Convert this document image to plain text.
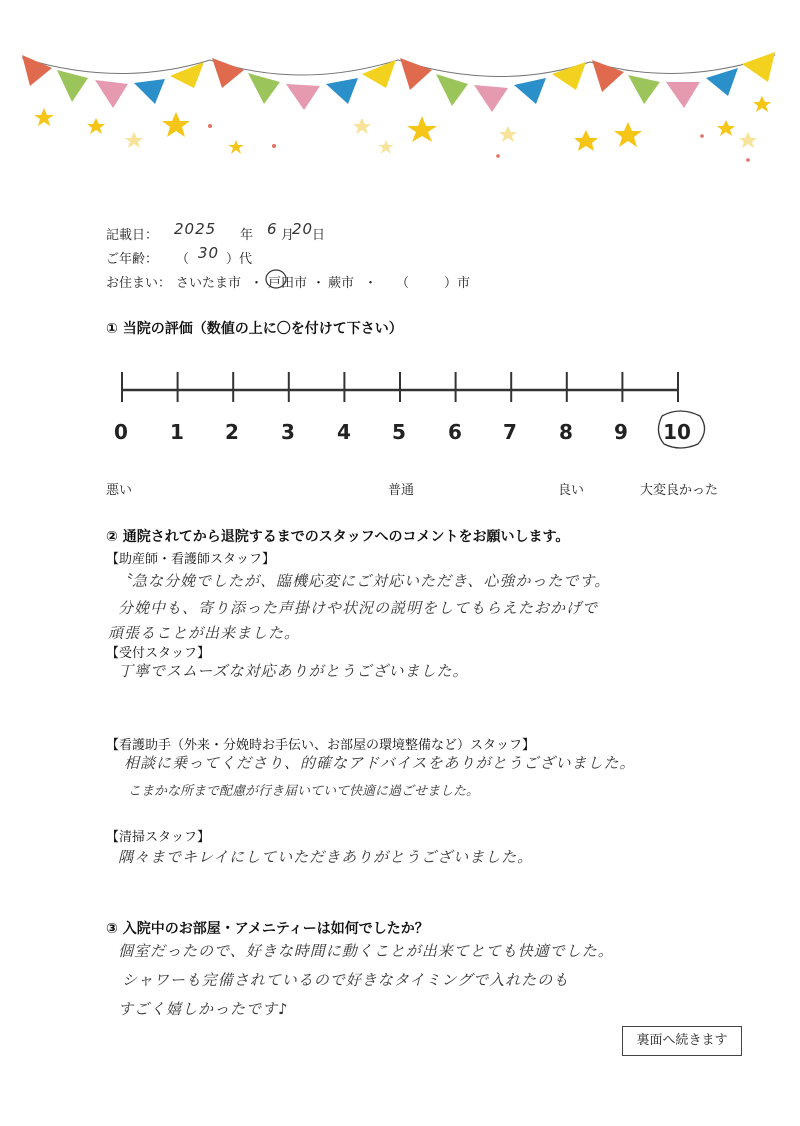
記載日： 2025 年 6 月
20
日
ご年齢： （ 30 ）代
お住まい： さいたま市 ・ 戸田市 ・ 蕨市 ・ （	）市
① 当院の評価（数値の上に〇を付けて下さい）
0	1	2	3	4	5	6	7	8	9	10
悪い	普通	良い	大変良かった
② 通院されてから退院するまでのスタッフへのコメントをお願いします。
【助産師・看護師スタッフ】
〝急な分娩でしたが、臨機応変にご対応いただき、心強かったです。
分娩中も、寄り添った声掛けや状況の説明をしてもらえたおかげで
頑張ることが出来ました。
【受付スタッフ】
丁寧でスムーズな対応ありがとうございました。
【看護助手（外来・分娩時お手伝い、お部屋の環境整備など）スタッフ】
相談に乗ってくださり、的確なアドバイスをありがとうございました。
こまかな所まで配慮が行き届いていて快適に過ごせました。
【清掃スタッフ】
隅々までキレイにしていただきありがとうございました。
③ 入院中のお部屋・アメニティーは如何でしたか？
個室だったので、好きな時間に動くことが出来てとても快適でした。
シャワーも完備されているので好きなタイミングで入れたのも
すごく嬉しかったです♪
裏面へ続きます
